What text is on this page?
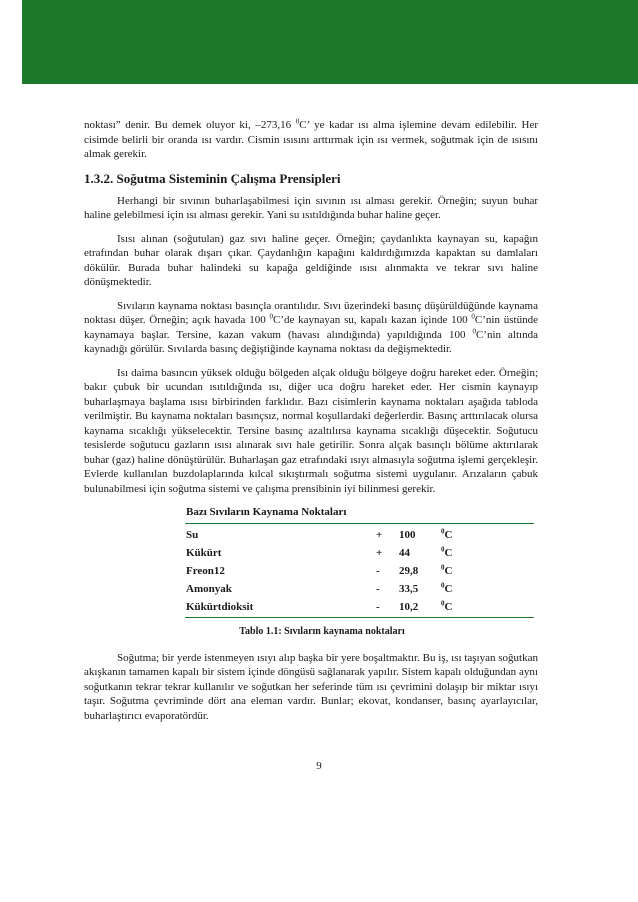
noktası” denir. Bu demek oluyor ki, –273,16 $^0$C’ ye kadar ısı alma işlemine devam edilebilir. Her cisimde belirli bir oranda ısı vardır. Cismin ısısını arttırmak için ısı vermek, soğutmak için de ısısını almak gerekir.

1.3.2. Soğutma Sisteminin Çalışma Prensipleri

Herhangi bir sıvının buharlaşabilmesi için sıvının ısı alması gerekir. Örneğin; suyun buhar haline gelebilmesi için ısı alması gerekir. Yani su ısıtıldığında buhar haline geçer.

Isısı alınan (soğutulan) gaz sıvı haline geçer. Örneğin; çaydanlıkta kaynayan su, kapağın etrafından buhar olarak dışarı çıkar. Çaydanlığın kapağını kaldırdığımızda kapaktan su damlaları dökülür. Burada buhar halindeki su kapağa geldiğinde ısısı alınmakta ve tekrar sıvı haline dönüşmektedir.

Sıvıların kaynama noktası basınçla orantılıdır. Sıvı üzerindeki basınç düşürüldüğünde kaynama noktası düşer. Örneğin; açık havada 100 $^0$C’de kaynayan su, kapalı kazan içinde 100 $^0$C’nin üstünde kaynamaya başlar. Tersine, kazan vakum (havası alındığında) yapıldığında 100 $^0$C’nin altında kaynadığı görülür. Sıvılarda basınç değiştiğinde kaynama noktası da değişmektedir.

Isı daima basıncın yüksek olduğu bölgeden alçak olduğu bölgeye doğru hareket eder. Örneğin; bakır çubuk bir ucundan ısıtıldığında ısı, diğer uca doğru hareket eder. Her cismin kaynayıp buharlaşmaya başlama ısısı birbirinden farklıdır. Bazı cisimlerin kaynama noktaları aşağıda tabloda verilmiştir. Bu kaynama noktaları basınçsız, normal koşullardaki değerlerdir. Basınç arttırılacak olursa kaynama sıcaklığı yükselecektir. Tersine basınç azaltılırsa kaynama sıcaklığı düşecektir. Soğutucu tesislerde soğutucu gazların ısısı alınarak sıvı hale getirilir. Sonra alçak basınçlı bölüme aktırılarak buhar (gaz) haline dönüştürülür. Buharlaşan gaz etrafındaki ısıyı almasıyla soğutma işlemi gerçekleşir. Evlerde kullanılan buzdolaplarında kılcal sıkıştırmalı soğutma sistemi uygulanır. Arızaların çabuk bulunabilmesi için soğutma sistemi ve çalışma prensibinin iyi bilinmesi gerekir.

Bazı Sıvıların Kaynama Noktaları
Su	+	100	$^0$C
Kükürt	+	44	$^0$C
Freon12	-	29,8	$^0$C
Amonyak	-	33,5	$^0$C
Kükürtdioksit	-	10,2	$^0$C
Tablo 1.1: Sıvıların kaynama noktaları

Soğutma; bir yerde istenmeyen ısıyı alıp başka bir yere boşaltmaktır. Bu iş, ısı taşıyan soğutkan akışkanın tamamen kapalı bir sistem içinde döngüsü sağlanarak yapılır. Sistem kapalı olduğundan aynı soğutkanın tekrar tekrar kullanılır ve soğutkan her seferinde tüm ısı çevrimini dolaşıp bir miktar ısıyı taşır. Soğutma çevriminde dört ana eleman vardır. Bunlar; ekovat, kondanser, basınç ayarlayıcılar, buharlaştırıcı evaporatördür.

9
